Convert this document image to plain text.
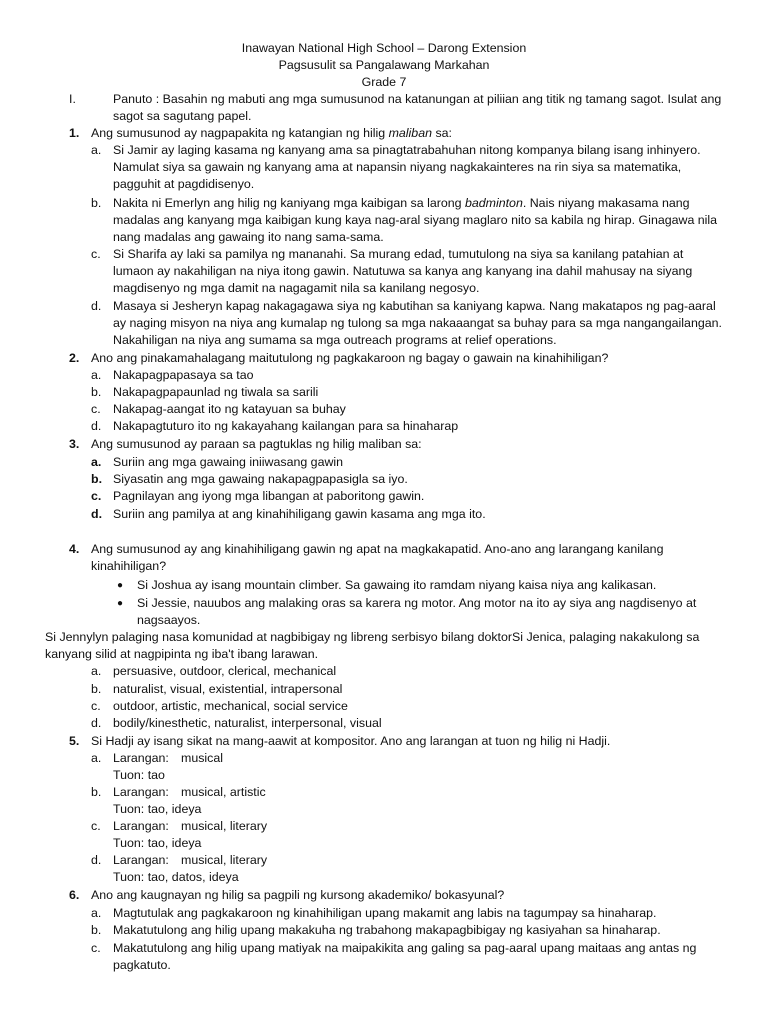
Inawayan National High School – Darong Extension
Pagsusulit sa Pangalawang Markahan
Grade 7
I.	Panuto : Basahin ng mabuti ang mga sumusunod na katanungan at piliian ang titik ng tamang sagot. Isulat ang
sagot sa sagutang papel.
1. Ang sumusunod ay nagpapakita ng katangian ng hilig maliban sa:
a. Si Jamir ay laging kasama ng kanyang ama sa pinagtatrabahuhan nitong kompanya bilang isang inhinyero.
Namulat siya sa gawain ng kanyang ama at napansin niyang nagkakainteres na rin siya sa matematika,
pagguhit at pagdidisenyo.
b. Nakita ni Emerlyn ang hilig ng kaniyang mga kaibigan sa larong badminton. Nais niyang makasama nang
madalas ang kanyang mga kaibigan kung kaya nag-aral siyang maglaro nito sa kabila ng hirap. Ginagawa nila
nang madalas ang gawaing ito nang sama-sama.
c. Si Sharifa ay laki sa pamilya ng mananahi. Sa murang edad, tumutulong na siya sa kanilang patahian at
lumaon ay nakahiligan na niya itong gawin. Natutuwa sa kanya ang kanyang ina dahil mahusay na siyang
magdisenyo ng mga damit na nagagamit nila sa kanilang negosyo.
d. Masaya si Jesheryn kapag nakagagawa siya ng kabutihan sa kaniyang kapwa. Nang makatapos ng pag-aaral
ay naging misyon na niya ang kumalap ng tulong sa mga nakaaangat sa buhay para sa mga nangangailangan.
Nakahiligan na niya ang sumama sa mga outreach programs at relief operations.
2. Ano ang pinakamahalagang maitutulong ng pagkakaroon ng bagay o gawain na kinahihiligan?
a. Nakapagpapasaya sa tao
b. Nakapagpapaunlad ng tiwala sa sarili
c. Nakapag-aangat ito ng katayuan sa buhay
d. Nakapagtuturo ito ng kakayahang kailangan para sa hinaharap
3. Ang sumusunod ay paraan sa pagtuklas ng hilig maliban sa:
a. Suriin ang mga gawaing iniiwasang gawin
b. Siyasatin ang mga gawaing nakapagpapasigla sa iyo.
c. Pagnilayan ang iyong mga libangan at paboritong gawin.
d. Suriin ang pamilya at ang kinahihiligang gawin kasama ang mga ito.
4. Ang sumusunod ay ang kinahihiligang gawin ng apat na magkakapatid. Ano-ano ang larangang kanilang
kinahihiligan?
● Si Joshua ay isang mountain climber. Sa gawaing ito ramdam niyang kaisa niya ang kalikasan.
● Si Jessie, nauubos ang malaking oras sa karera ng motor. Ang motor na ito ay siya ang nagdisenyo at
nagsaayos.
Si Jennylyn palaging nasa komunidad at nagbibigay ng libreng serbisyo bilang doktorSi Jenica, palaging nakakulong sa
kanyang silid at nagpipinta ng iba't ibang larawan.
a. persuasive, outdoor, clerical, mechanical
b. naturalist, visual, existential, intrapersonal
c. outdoor, artistic, mechanical, social service
d. bodily/kinesthetic, naturalist, interpersonal, visual
5. Si Hadji ay isang sikat na mang-aawit at kompositor. Ano ang larangan at tuon ng hilig ni Hadji.
a. Larangan: musical
Tuon: tao
b. Larangan: musical, artistic
Tuon: tao, ideya
c. Larangan: musical, literary
Tuon: tao, ideya
d. Larangan: musical, literary
Tuon: tao, datos, ideya
6. Ano ang kaugnayan ng hilig sa pagpili ng kursong akademiko/ bokasyunal?
a. Magtutulak ang pagkakaroon ng kinahihiligan upang makamit ang labis na tagumpay sa hinaharap.
b. Makatutulong ang hilig upang makakuha ng trabahong makapagbibigay ng kasiyahan sa hinaharap.
c. Makatutulong ang hilig upang matiyak na maipakikita ang galing sa pag-aaral upang maitaas ang antas ng
pagkatuto.
